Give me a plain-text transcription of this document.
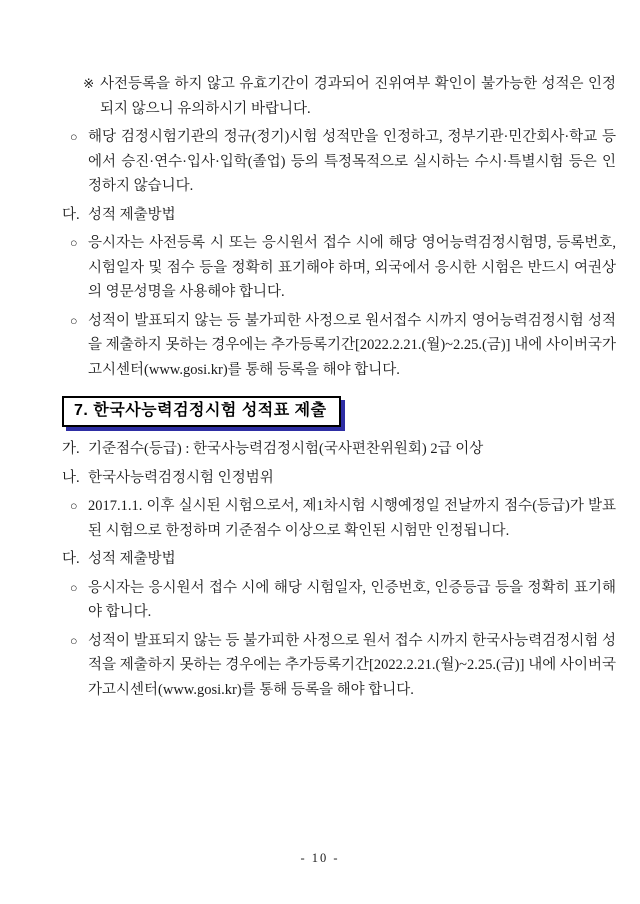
※ 사전등록을 하지 않고 유효기간이 경과되어 진위여부 확인이 불가능한 성적은 인정되지 않으니 유의하시기 바랍니다.
○ 해당 검정시험기관의 정규(정기)시험 성적만을 인정하고, 정부기관·민간회사·학교 등에서 승진·연수·입사·입학(졸업) 등의 특정목적으로 실시하는 수시·특별시험 등은 인정하지 않습니다.
다. 성적 제출방법
○ 응시자는 사전등록 시 또는 응시원서 접수 시에 해당 영어능력검정시험명, 등록번호, 시험일자 및 점수 등을 정확히 표기해야 하며, 외국에서 응시한 시험은 반드시 여권상의 영문성명을 사용해야 합니다.
○ 성적이 발표되지 않는 등 불가피한 사정으로 원서접수 시까지 영어능력검정시험 성적을 제출하지 못하는 경우에는 추가등록기간[2022.2.21.(월)~2.25.(금)] 내에 사이버국가고시센터(www.gosi.kr)를 통해 등록을 해야 합니다.
7. 한국사능력검정시험 성적표 제출
가. 기준점수(등급) : 한국사능력검정시험(국사편찬위원회) 2급 이상
나. 한국사능력검정시험 인정범위
○ 2017.1.1. 이후 실시된 시험으로서, 제1차시험 시행예정일 전날까지 점수(등급)가 발표된 시험으로 한정하며 기준점수 이상으로 확인된 시험만 인정됩니다.
다. 성적 제출방법
○ 응시자는 응시원서 접수 시에 해당 시험일자, 인증번호, 인증등급 등을 정확히 표기해야 합니다.
○ 성적이 발표되지 않는 등 불가피한 사정으로 원서 접수 시까지 한국사능력검정시험 성적을 제출하지 못하는 경우에는 추가등록기간[2022.2.21.(월)~2.25.(금)] 내에 사이버국가고시센터(www.gosi.kr)를 통해 등록을 해야 합니다.
- 10 -
